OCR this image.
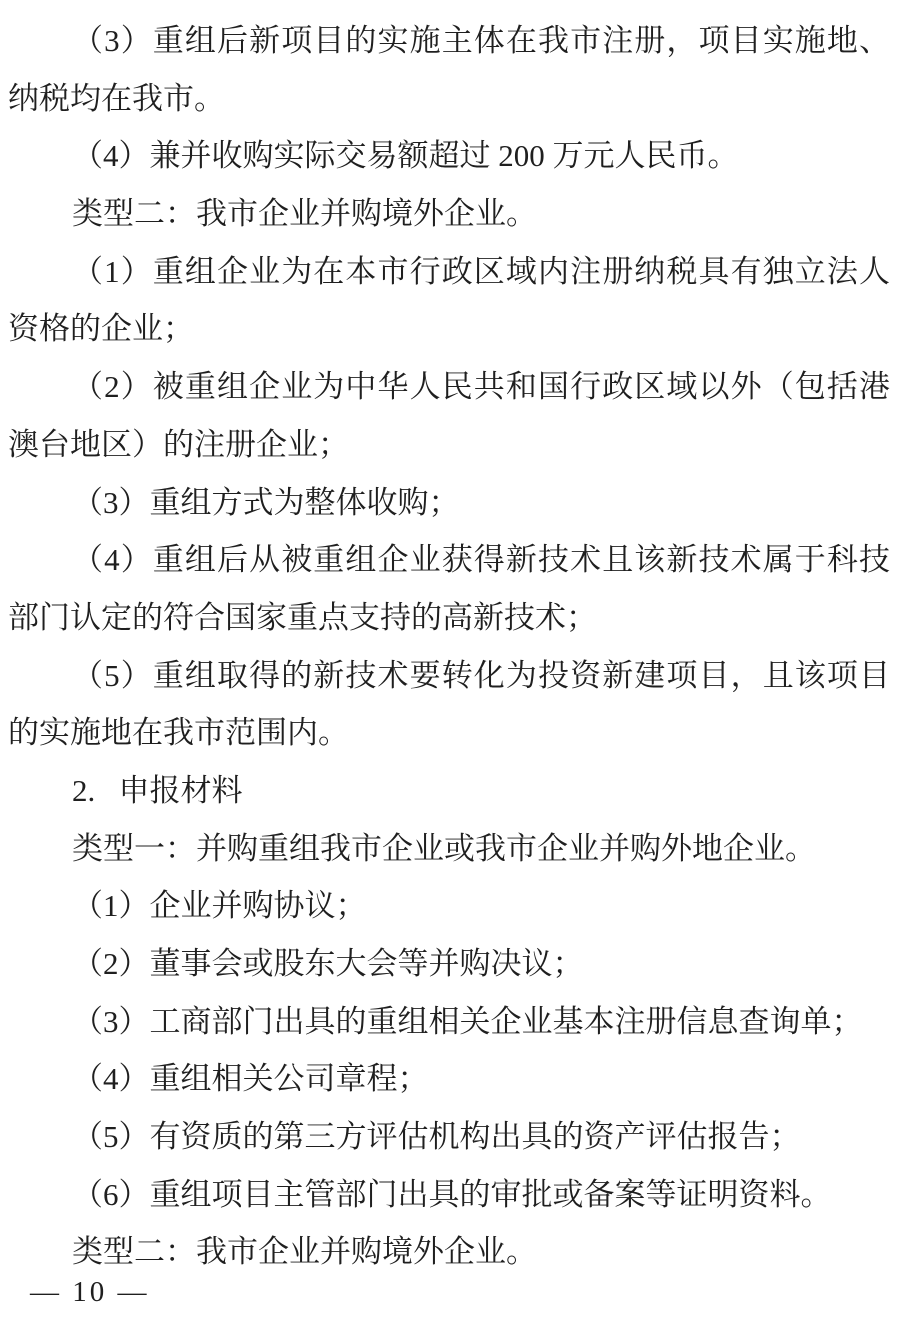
（3）重组后新项目的实施主体在我市注册，项目实施地、
纳税均在我市。
（4）兼并收购实际交易额超过 200 万元人民币。
类型二：我市企业并购境外企业。
（1）重组企业为在本市行政区域内注册纳税具有独立法人
资格的企业；
（2）被重组企业为中华人民共和国行政区域以外（包括港
澳台地区）的注册企业；
（3）重组方式为整体收购；
（4）重组后从被重组企业获得新技术且该新技术属于科技
部门认定的符合国家重点支持的高新技术；
（5）重组取得的新技术要转化为投资新建项目，且该项目
的实施地在我市范围内。
2.   申报材料
类型一：并购重组我市企业或我市企业并购外地企业。
（1）企业并购协议；
（2）董事会或股东大会等并购决议；
（3）工商部门出具的重组相关企业基本注册信息查询单；
（4）重组相关公司章程；
（5）有资质的第三方评估机构出具的资产评估报告；
（6）重组项目主管部门出具的审批或备案等证明资料。
类型二：我市企业并购境外企业。
— 10 —
